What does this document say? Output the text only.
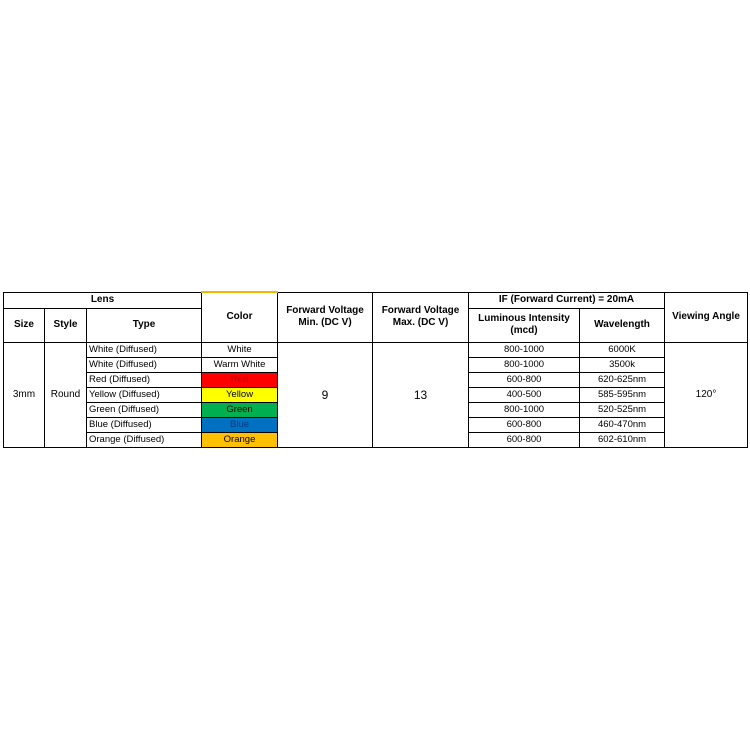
Lens			Color	Forward Voltage Min. (DC V)	Forward Voltage Max. (DC V)	IF (Forward Current) = 20mA		Viewing Angle
Size	Style	Type				Luminous Intensity (mcd)	Wavelength	
3mm	Round	White (Diffused)	White	9	13	800-1000	6000K	120°
		White (Diffused)	Warm White			800-1000	3500k	
		Red (Diffused)	Red			600-800	620-625nm	
		Yellow (Diffused)	Yellow			400-500	585-595nm	
		Green (Diffused)	Green			800-1000	520-525nm	
		Blue (Diffused)	Blue			600-800	460-470nm	
		Orange (Diffused)	Orange			600-800	602-610nm	
